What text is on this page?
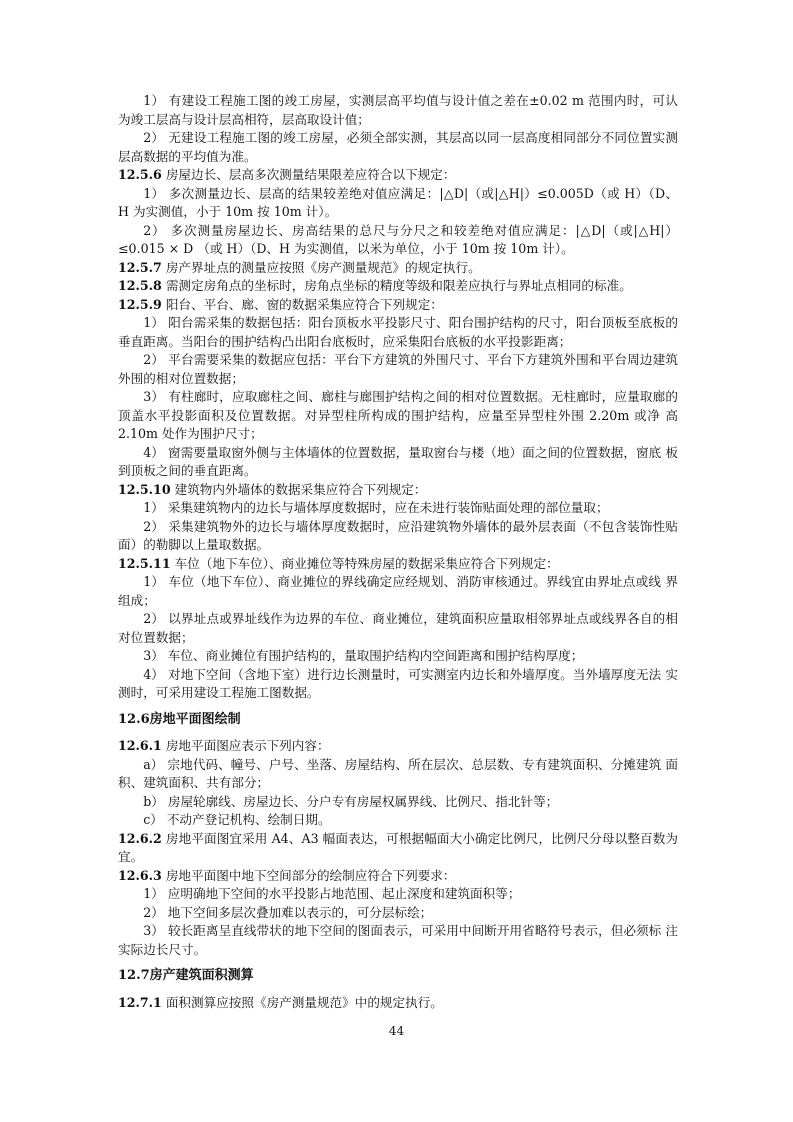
1） 有建设工程施工图的竣工房屋，实测层高平均值与设计值之差在±0.02 m 范围内时，可认为竣工层高与设计层高相符，层高取设计值；

2） 无建设工程施工图的竣工房屋，必须全部实测，其层高以同一层高度相同部分不同位置实测层高数据的平均值为准。

12.5.6 房屋边长、层高多次测量结果限差应符合以下规定：

1） 多次测量边长、层高的结果较差绝对值应满足：|△D|（或|△H|）≤0.005D（或 H）（D、 H 为实测值，小于 10m 按 10m 计）。

2） 多次测量房屋边长、房高结果的总尺与分尺之和较差绝对值应满足：|△D|（或|△H|）≤0.015 × D （或 H）（D、H 为实测值，以米为单位，小于 10m 按 10m 计）。

12.5.7 房产界址点的测量应按照《房产测量规范》的规定执行。

12.5.8 需测定房角点的坐标时，房角点坐标的精度等级和限差应执行与界址点相同的标准。

12.5.9 阳台、平台、廊、窗的数据采集应符合下列规定：

1） 阳台需采集的数据包括：阳台顶板水平投影尺寸、阳台围护结构的尺寸，阳台顶板至底板的垂直距离。当阳台的围护结构凸出阳台底板时，应采集阳台底板的水平投影距离；

2） 平台需要采集的数据应包括：平台下方建筑的外围尺寸、平台下方建筑外围和平台周边建筑外围的相对位置数据；

3） 有柱廊时，应取廊柱之间、廊柱与廊围护结构之间的相对位置数据。无柱廊时，应量取廊的顶盖水平投影面积及位置数据。对异型柱所构成的围护结构，应量至异型柱外围 2.20m 或净 高 2.10m 处作为围护尺寸；

4） 窗需要量取窗外侧与主体墙体的位置数据，量取窗台与楼（地）面之间的位置数据，窗底 板到顶板之间的垂直距离。

12.5.10 建筑物内外墙体的数据采集应符合下列规定：

1） 采集建筑物内的边长与墙体厚度数据时，应在未进行装饰贴面处理的部位量取；

2） 采集建筑物外的边长与墙体厚度数据时，应沿建筑物外墙体的最外层表面（不包含装饰性贴面）的勒脚以上量取数据。

12.5.11 车位（地下车位）、商业摊位等特殊房屋的数据采集应符合下列规定：

1） 车位（地下车位）、商业摊位的界线确定应经规划、消防审核通过。界线宜由界址点或线 界组成；

2） 以界址点或界址线作为边界的车位、商业摊位，建筑面积应量取相邻界址点或线界各自的相对位置数据；

3） 车位、商业摊位有围护结构的，量取围护结构内空间距离和围护结构厚度；

4） 对地下空间（含地下室）进行边长测量时，可实测室内边长和外墙厚度。当外墙厚度无法 实测时，可采用建设工程施工图数据。

12.6房地平面图绘制

12.6.1 房地平面图应表示下列内容：

a） 宗地代码、幢号、户号、坐落、房屋结构、所在层次、总层数、专有建筑面积、分摊建筑 面积、建筑面积、共有部分；

b） 房屋轮廓线、房屋边长、分户专有房屋权属界线、比例尺、指北针等；

c） 不动产登记机构、绘制日期。

12.6.2 房地平面图宜采用 A4、A3 幅面表达，可根据幅面大小确定比例尺，比例尺分母以整百数为宜。

12.6.3 房地平面图中地下空间部分的绘制应符合下列要求：

1） 应明确地下空间的水平投影占地范围、起止深度和建筑面积等；

2） 地下空间多层次叠加难以表示的，可分层标绘；

3） 较长距离呈直线带状的地下空间的图面表示，可采用中间断开用省略符号表示，但必须标 注实际边长尺寸。

12.7房产建筑面积测算

12.7.1 面积测算应按照《房产测量规范》中的规定执行。

44
